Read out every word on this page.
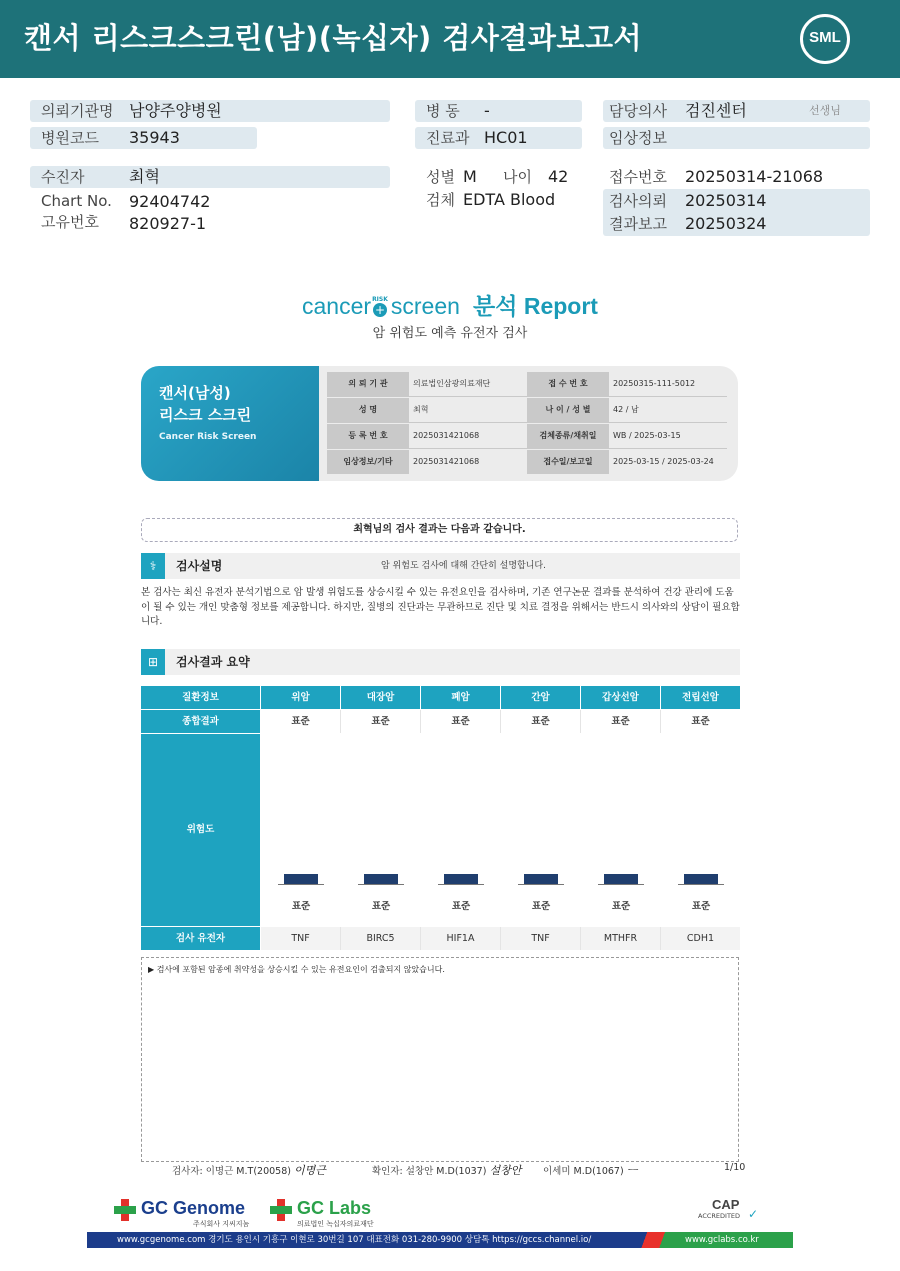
캔서 리스크스크린(남)(녹십자) 검사결과보고서	SML
의뢰기관명 남양주양병원
병원코드 35943
병 동 -
진료과 HC01
담당의사 검진센터	선생님
임상정보
수진자	최혁
Chart No. 92404742
고유번호 820927-1
성별 M 나이 42
검체 EDTA Blood
접수번호 20250314-21068
검사의뢰 20250314
결과보고 20250324
cancer +$^{RISK}$ screen 분석 Report
암 위험도 예측 유전자 검사
캔서(남성)
리스크 스크린
Cancer Risk Screen
의 뢰 기 관	의료법인삼광의료재단	접 수 번 호	20250315-111-5012
성 명	최혁	나 이 / 성 별	42 / 남
등 록 번 호	2025031421068	검체종류/채취일	WB / 2025-03-15
임상정보/기타	2025031421068	접수일/보고일	2025-03-15 / 2025-03-24
최혁님의 검사 결과는 다음과 같습니다.
⚕	검사설명	암 위험도 검사에 대해 간단히 설명합니다.
본 검사는 최신 유전자 분석기법으로 암 발생 위험도를 상승시킬 수 있는 유전요인을 검사하며, 기존 연구논문 결과를 분석하여 건강 관리에 도움이 될 수 있는 개인 맞춤형 정보를 제공합니다. 하지만, 질병의 진단과는 무관하므로 진단 및 치료 결정을 위해서는 반드시 의사와의 상담이 필요합니다.
⊞	검사결과 요약
질환정보	위암	대장암	폐암	간암	갑상선암	전립선암
종합결과	표준	표준	표준	표준	표준	표준
위험도
표준	표준	표준	표준	표준	표준
검사 유전자	TNF	BIRC5	HIF1A	TNF	MTHFR	CDH1
▶ 검사에 포함된 암종에 취약성을 상승시킬 수 있는 유전요인이 검출되지 않았습니다.
검사자: 이명근 M.T(20058) 이명근	확인자: 설창안 M.D(1037) 설창안 이세미 M.D(1067) ㅡ	1/10
GC Genome
주식회사 지씨지놈
GC Labs
의료법인 녹십자의료재단
CAP
ACCREDITED ✓
www.gcgenome.com 경기도 용인시 기흥구 이현로 30번길 107 대표전화 031-280-9900 상담톡 https://gccs.channel.io/	www.gclabs.co.kr
